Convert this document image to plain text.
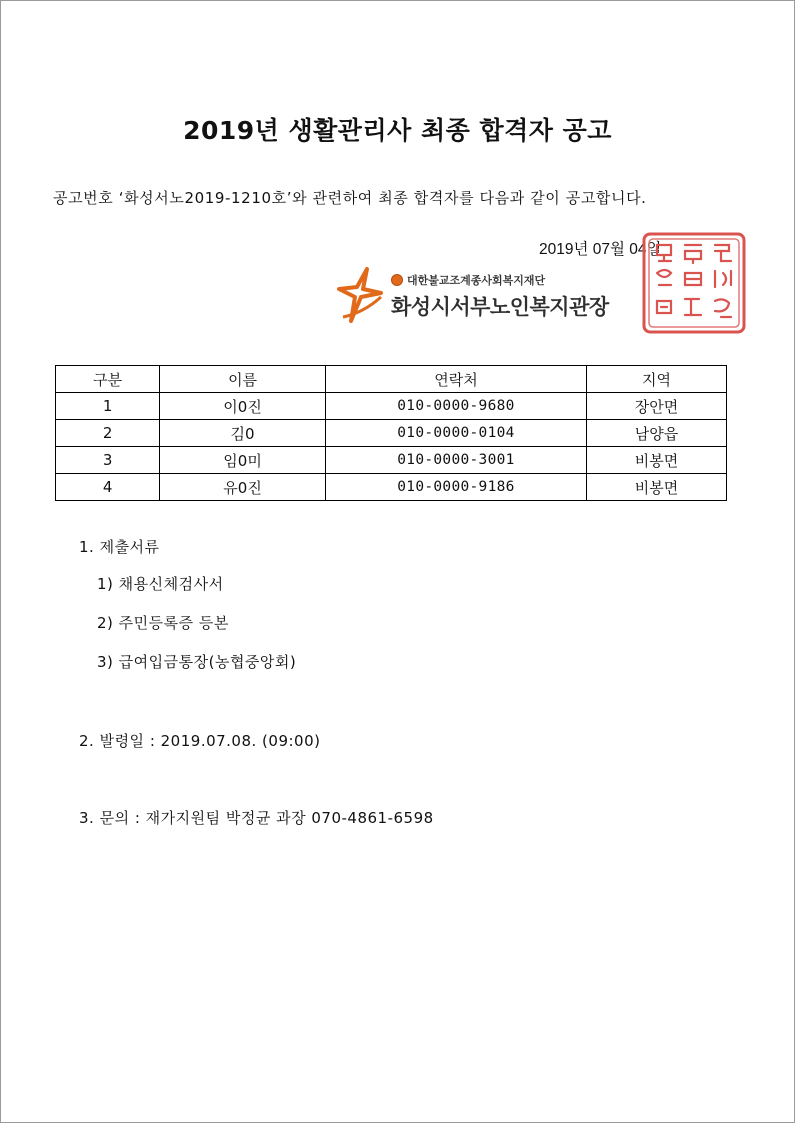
2019년 생활관리사 최종 합격자 공고
공고번호 ‘화성서노2019-1210호’와 관련하여 최종 합격자를 다음과 같이 공고합니다.
2019년 07월 04일
대한불교조계종사회복지재단
화성시서부노인복지관장
구분	이름	연락처	지역
1	이0진	010-0000-9680	장안면
2	김0	010-0000-0104	남양읍
3	임0미	010-0000-3001	비봉면
4	유0진	010-0000-9186	비봉면
1. 제출서류
1) 채용신체검사서
2) 주민등록증 등본
3) 급여입금통장(농협중앙회)
2. 발령일 : 2019.07.08. (09:00)
3. 문의 : 재가지원팀 박정균 과장 070-4861-6598
